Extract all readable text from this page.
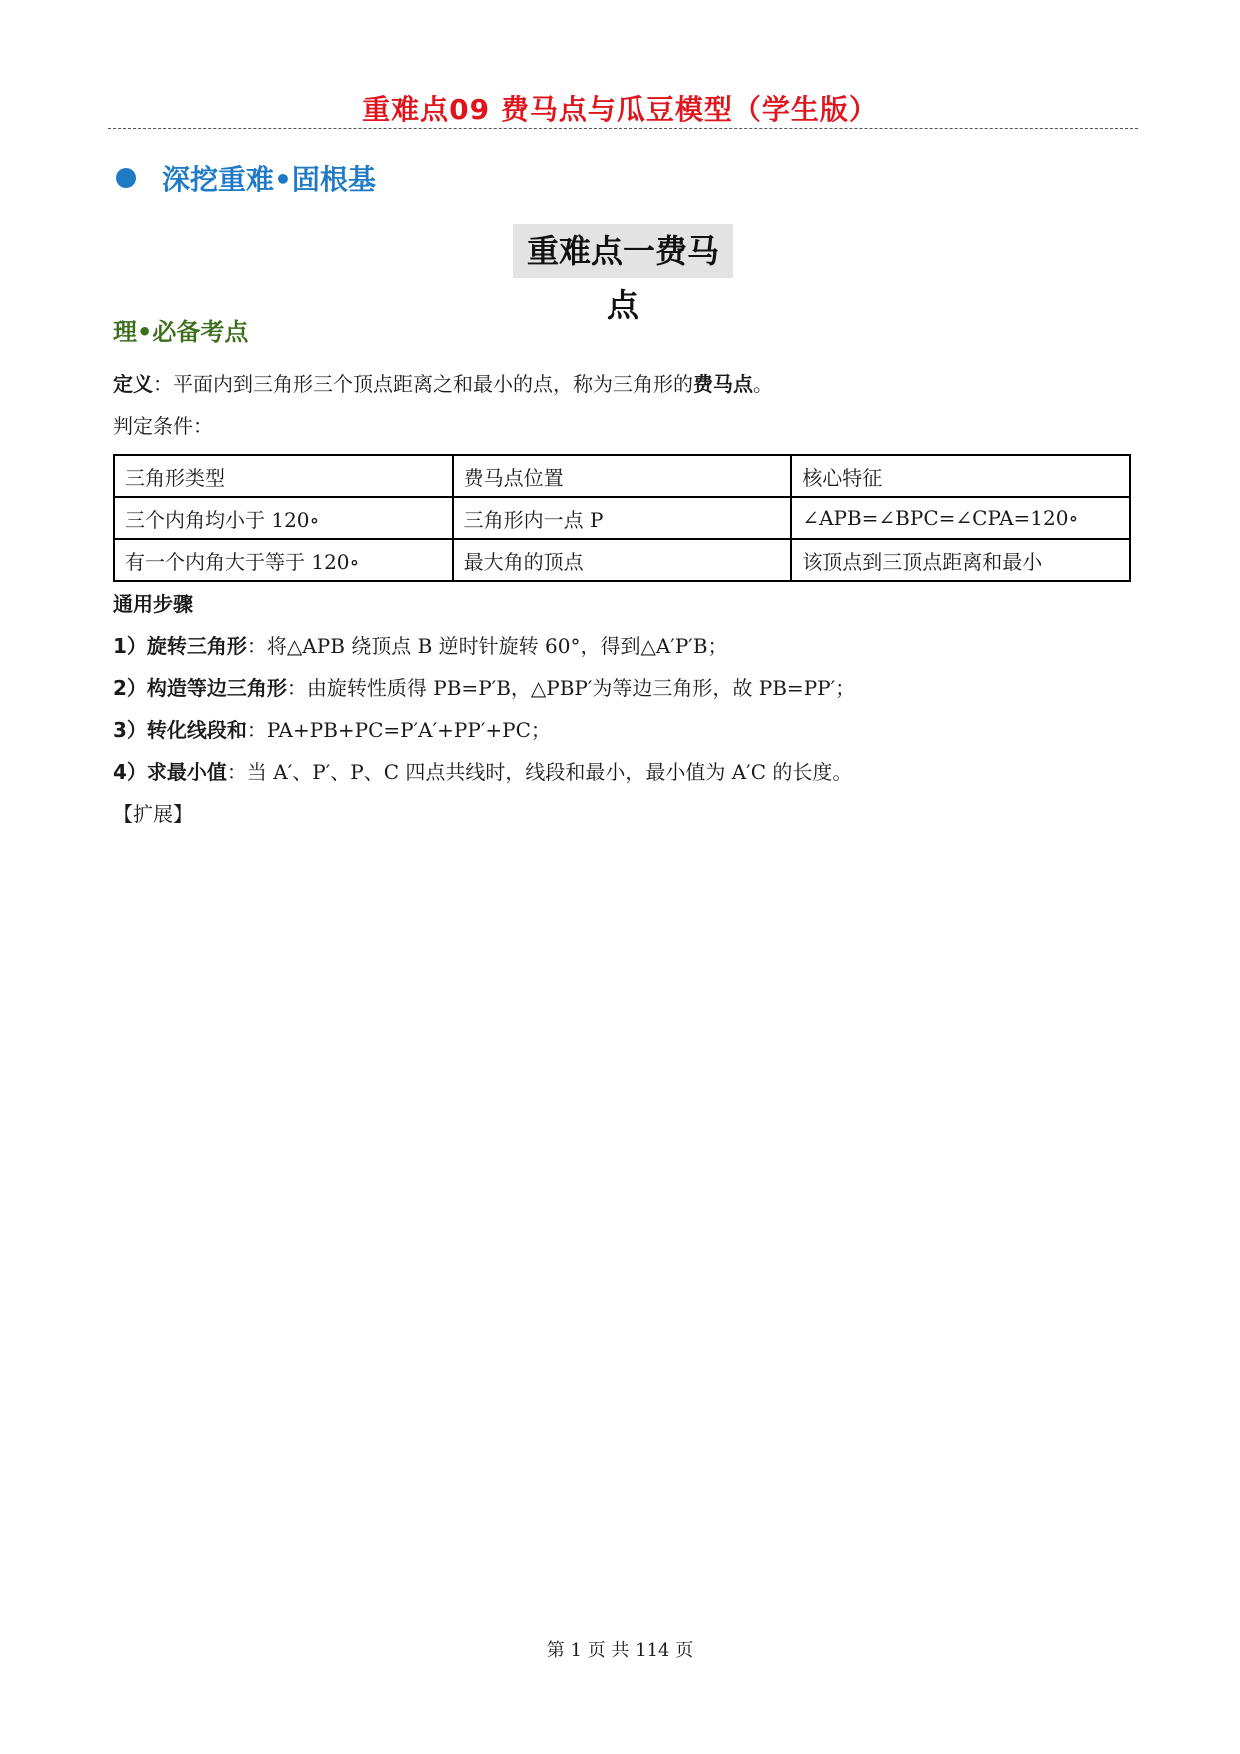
重难点09 费马点与瓜豆模型（学生版）
深挖重难•固根基
重难点一费马点
理•必备考点
定义：平面内到三角形三个顶点距离之和最小的点，称为三角形的费马点。
判定条件：
三角形类型	费马点位置	核心特征
三个内角均小于 120∘	三角形内一点 P	∠APB=∠BPC=∠CPA=120∘
有一个内角大于等于 120∘	最大角的顶点	该顶点到三顶点距离和最小
通用步骤
1）旋转三角形：将△APB 绕顶点 B 逆时针旋转 60°，得到△A′P′B；
2）构造等边三角形：由旋转性质得 PB=P′B，△PBP′为等边三角形，故 PB=PP′；
3）转化线段和：PA+PB+PC=P′A′+PP′+PC；
4）求最小值：当 A′、P′、P、C 四点共线时，线段和最小，最小值为 A′C 的长度。
【扩展】
第 1 页 共 114 页
